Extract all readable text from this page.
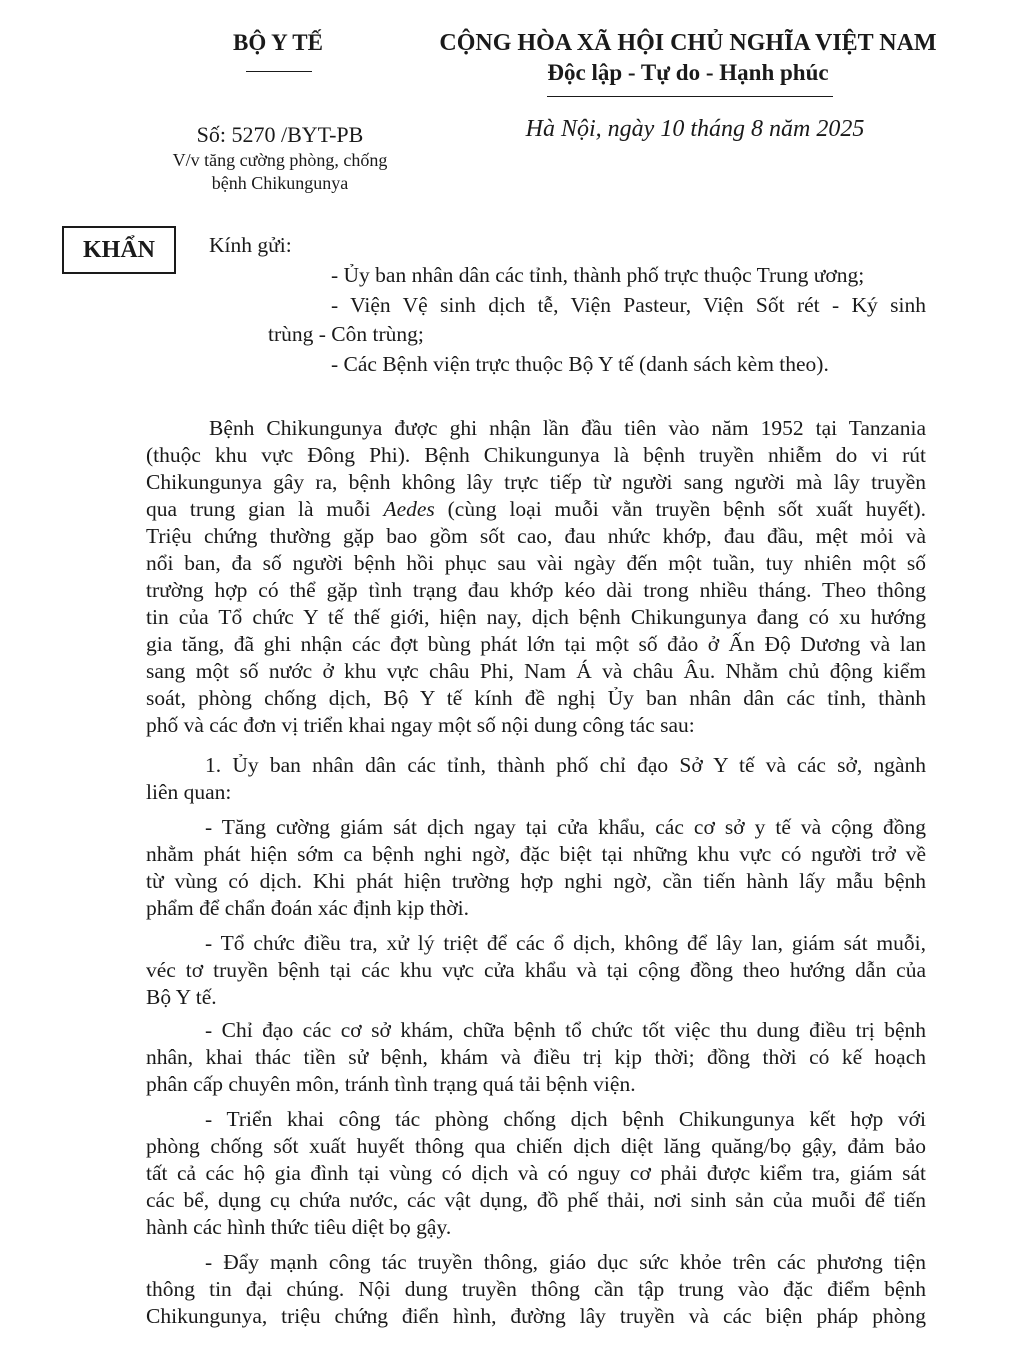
BỘ Y TẾ	CỘNG HÒA XÃ HỘI CHỦ NGHĨA VIỆT NAM
Độc lập - Tự do - Hạnh phúc
Số: 5270 /BYT-PB
V/v tăng cường phòng, chống
bệnh Chikungunya
Hà Nội, ngày 10 tháng 8 năm 2025
KHẨN	Kính gửi:
- Ủy ban nhân dân các tỉnh, thành phố trực thuộc Trung ương;
- Viện Vệ sinh dịch tễ, Viện Pasteur, Viện Sốt rét - Ký sinh
trùng - Côn trùng;
- Các Bệnh viện trực thuộc Bộ Y tế (danh sách kèm theo).
Bệnh Chikungunya được ghi nhận lần đầu tiên vào năm 1952 tại Tanzania
(thuộc khu vực Đông Phi). Bệnh Chikungunya là bệnh truyền nhiễm do vi rút
Chikungunya gây ra, bệnh không lây trực tiếp từ người sang người mà lây truyền
qua trung gian là muỗi Aedes (cùng loại muỗi vằn truyền bệnh sốt xuất huyết).
Triệu chứng thường gặp bao gồm sốt cao, đau nhức khớp, đau đầu, mệt mỏi và
nổi ban, đa số người bệnh hồi phục sau vài ngày đến một tuần, tuy nhiên một số
trường hợp có thể gặp tình trạng đau khớp kéo dài trong nhiều tháng. Theo thông
tin của Tổ chức Y tế thế giới, hiện nay, dịch bệnh Chikungunya đang có xu hướng
gia tăng, đã ghi nhận các đợt bùng phát lớn tại một số đảo ở Ấn Độ Dương và lan
sang một số nước ở khu vực châu Phi, Nam Á và châu Âu. Nhằm chủ động kiểm
soát, phòng chống dịch, Bộ Y tế kính đề nghị Ủy ban nhân dân các tỉnh, thành
phố và các đơn vị triển khai ngay một số nội dung công tác sau:
1. Ủy ban nhân dân các tỉnh, thành phố chỉ đạo Sở Y tế và các sở, ngành
liên quan:
- Tăng cường giám sát dịch ngay tại cửa khẩu, các cơ sở y tế và cộng đồng
nhằm phát hiện sớm ca bệnh nghi ngờ, đặc biệt tại những khu vực có người trở về
từ vùng có dịch. Khi phát hiện trường hợp nghi ngờ, cần tiến hành lấy mẫu bệnh
phẩm để chẩn đoán xác định kịp thời.
- Tổ chức điều tra, xử lý triệt để các ổ dịch, không để lây lan, giám sát muỗi,
véc tơ truyền bệnh tại các khu vực cửa khẩu và tại cộng đồng theo hướng dẫn của
Bộ Y tế.
- Chỉ đạo các cơ sở khám, chữa bệnh tổ chức tốt việc thu dung điều trị bệnh
nhân, khai thác tiền sử bệnh, khám và điều trị kịp thời; đồng thời có kế hoạch
phân cấp chuyên môn, tránh tình trạng quá tải bệnh viện.
- Triển khai công tác phòng chống dịch bệnh Chikungunya kết hợp với
phòng chống sốt xuất huyết thông qua chiến dịch diệt lăng quăng/bọ gậy, đảm bảo
tất cả các hộ gia đình tại vùng có dịch và có nguy cơ phải được kiểm tra, giám sát
các bể, dụng cụ chứa nước, các vật dụng, đồ phế thải, nơi sinh sản của muỗi để tiến
hành các hình thức tiêu diệt bọ gậy.
- Đẩy mạnh công tác truyền thông, giáo dục sức khỏe trên các phương tiện
thông tin đại chúng. Nội dung truyền thông cần tập trung vào đặc điểm bệnh
Chikungunya, triệu chứng điển hình, đường lây truyền và các biện pháp phòng
